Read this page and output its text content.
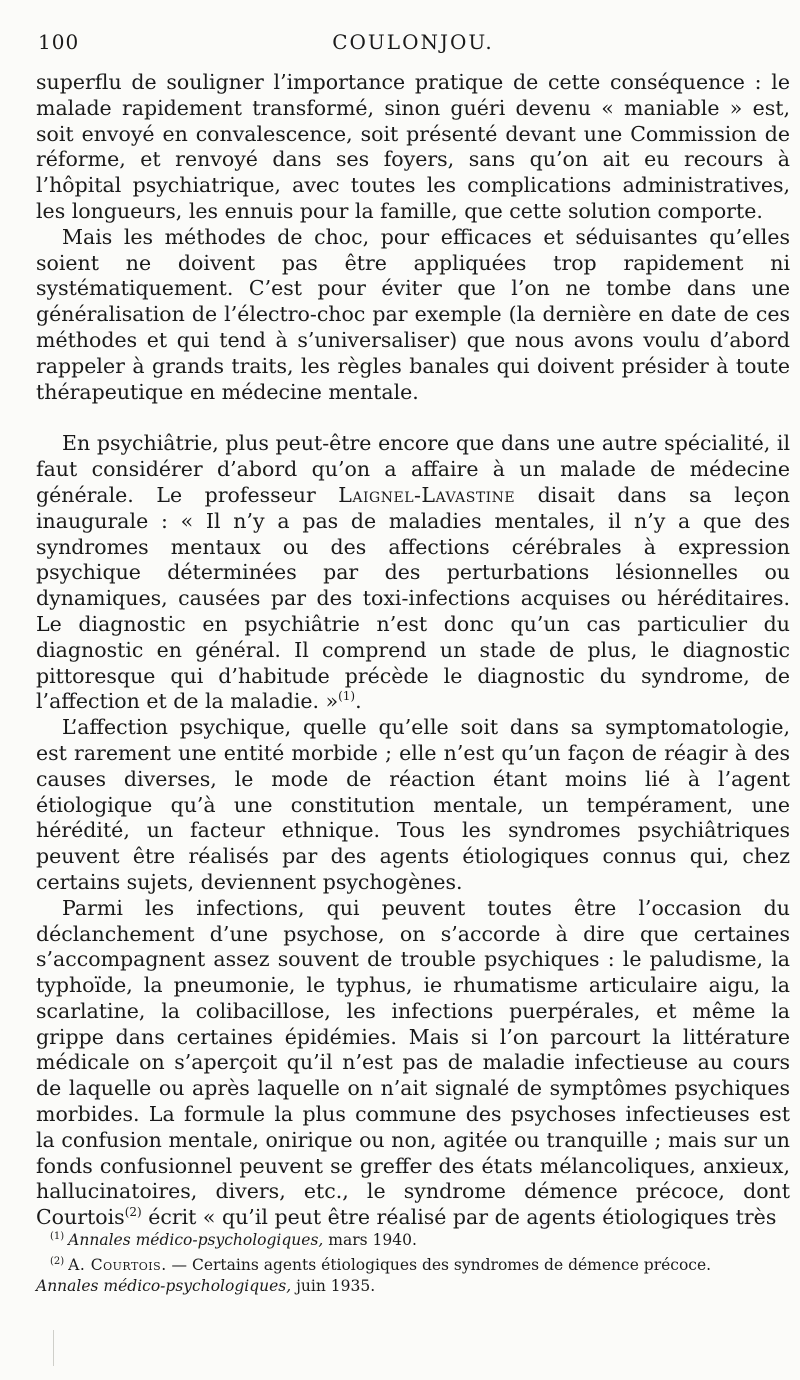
100	COULONJOU.

superflu de souligner l’importance pratique de cette conséquence : le malade rapidement transformé, sinon guéri devenu « maniable » est, soit envoyé en convalescence, soit présenté devant une Commission de réforme, et renvoyé dans ses foyers, sans qu’on ait eu recours à l’hôpital psychiatrique, avec toutes les complications administratives, les longueurs, les ennuis pour la famille, que cette solution comporte.

Mais les méthodes de choc, pour efficaces et séduisantes qu’elles soient ne doivent pas être appliquées trop rapidement ni systématiquement. C’est pour éviter que l’on ne tombe dans une généralisation de l’électro-choc par exemple (la dernière en date de ces méthodes et qui tend à s’universaliser) que nous avons voulu d’abord rappeler à grands traits, les règles banales qui doivent présider à toute thérapeutique en médecine mentale.

En psychiâtrie, plus peut-être encore que dans une autre spécialité, il faut considérer d’abord qu’on a affaire à un malade de médecine générale. Le professeur Laignel-Lavastine disait dans sa leçon inaugurale : « Il n’y a pas de maladies mentales, il n’y a que des syndromes mentaux ou des affections cérébrales à expression psychique déterminées par des perturbations lésionnelles ou dynamiques, causées par des toxi-infections acquises ou héréditaires. Le diagnostic en psychiâtrie n’est donc qu’un cas particulier du diagnostic en général. Il comprend un stade de plus, le diagnostic pittoresque qui d’habitude précède le diagnostic du syndrome, de l’affection et de la maladie. »$^{(1)}$.

L’affection psychique, quelle qu’elle soit dans sa symptomatologie, est rarement une entité morbide ; elle n’est qu’un façon de réagir à des causes diverses, le mode de réaction étant moins lié à l’agent étiologique qu’à une constitution mentale, un tempérament, une hérédité, un facteur ethnique. Tous les syndromes psychiâtriques peuvent être réalisés par des agents étiologiques connus qui, chez certains sujets, deviennent psychogènes.

Parmi les infections, qui peuvent toutes être l’occasion du déclanchement d’une psychose, on s’accorde à dire que certaines s’accompagnent assez souvent de trouble psychiques : le paludisme, la typhoïde, la pneumonie, le typhus, ie rhumatisme articulaire aigu, la scarlatine, la colibacillose, les infections puerpérales, et même la grippe dans certaines épidémies. Mais si l’on parcourt la littérature médicale on s’aperçoit qu’il n’est pas de maladie infectieuse au cours de laquelle ou après laquelle on n’ait signalé de symptômes psychiques morbides. La formule la plus commune des psychoses infectieuses est la confusion mentale, onirique ou non, agitée ou tranquille ; mais sur un fonds confusionnel peuvent se greffer des états mélancoliques, anxieux, hallucinatoires, divers, etc., le syndrome démence précoce, dont Courtois$^{(2)}$ écrit « qu’il peut être réalisé par de agents étiologiques très

$^{(1)}$ Annales médico-psychologiques, mars 1940.

$^{(2)}$ A. Courtois. — Certains agents étiologiques des syndromes de démence précoce.

Annales médico-psychologiques, juin 1935.
